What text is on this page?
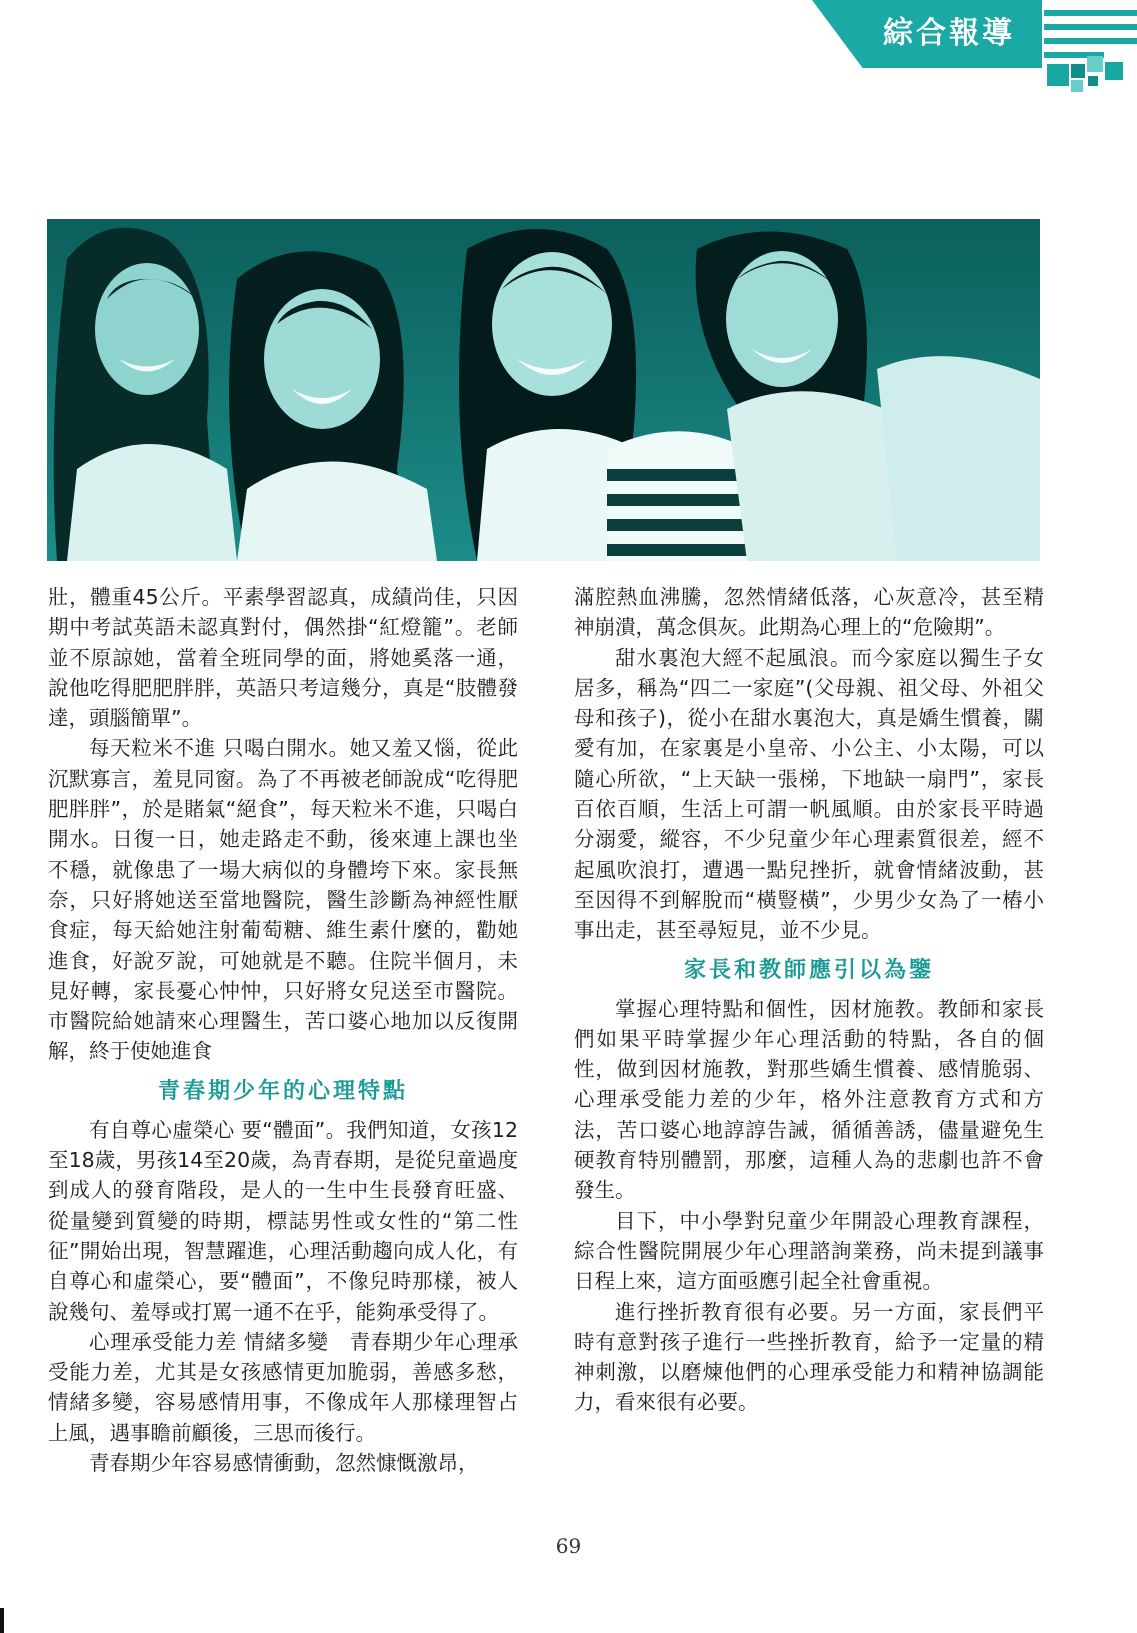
綜合報導

壯，體重45公斤。平素學習認真，成績尚佳，只因期中考試英語未認真對付，偶然掛“紅燈籠”。老師並不原諒她，當着全班同學的面，將她奚落一通，說他吃得肥肥胖胖，英語只考這幾分，真是“肢體發達，頭腦簡單”。

每天粒米不進 只喝白開水。她又羞又惱，從此沉默寡言，羞見同窗。為了不再被老師說成“吃得肥肥胖胖”，於是賭氣“絕食”，每天粒米不進，只喝白開水。日復一日，她走路走不動，後來連上課也坐不穩，就像患了一場大病似的身體垮下來。家長無奈，只好將她送至當地醫院，醫生診斷為神經性厭食症，每天給她注射葡萄糖、維生素什麼的，勸她進食，好說歹說，可她就是不聽。住院半個月，未見好轉，家長憂心忡忡，只好將女兒送至市醫院。市醫院給她請來心理醫生，苦口婆心地加以反復開解，終于使她進食

青春期少年的心理特點

有自尊心虛榮心 要“體面”。我們知道，女孩12至18歲，男孩14至20歲，為青春期，是從兒童過度到成人的發育階段，是人的一生中生長發育旺盛、從量變到質變的時期，標誌男性或女性的“第二性征”開始出現，智慧躍進，心理活動趨向成人化，有自尊心和虛榮心，要“體面”，不像兒時那樣，被人說幾句、羞辱或打罵一通不在乎，能夠承受得了。

心理承受能力差 情緒多變　青春期少年心理承受能力差，尤其是女孩感情更加脆弱，善感多愁，情緒多變，容易感情用事，不像成年人那樣理智占上風，遇事瞻前顧後，三思而後行。

青春期少年容易感情衝動，忽然慷慨激昂，

滿腔熱血沸騰，忽然情緒低落，心灰意冷，甚至精神崩潰，萬念俱灰。此期為心理上的“危險期”。

甜水裏泡大經不起風浪。而今家庭以獨生子女居多，稱為“四二一家庭”(父母親、祖父母、外祖父母和孩子)，從小在甜水裏泡大，真是嬌生慣養，關愛有加，在家裏是小皇帝、小公主、小太陽，可以隨心所欲，“上天缺一張梯，下地缺一扇門”，家長百依百順，生活上可謂一帆風順。由於家長平時過分溺愛，縱容，不少兒童少年心理素質很差，經不起風吹浪打，遭遇一點兒挫折，就會情緒波動，甚至因得不到解脫而“橫豎橫”，少男少女為了一樁小事出走，甚至尋短見，並不少見。

家長和教師應引以為鑒

掌握心理特點和個性，因材施教。教師和家長們如果平時掌握少年心理活動的特點，各自的個性，做到因材施教，對那些嬌生慣養、感情脆弱、心理承受能力差的少年，格外注意教育方式和方法，苦口婆心地諄諄告誡，循循善誘，儘量避免生硬教育特別體罰，那麼，這種人為的悲劇也許不會發生。

目下，中小學對兒童少年開設心理教育課程，綜合性醫院開展少年心理諮詢業務，尚未提到議事日程上來，這方面亟應引起全社會重視。

進行挫折教育很有必要。另一方面，家長們平時有意對孩子進行一些挫折教育，給予一定量的精神刺激，以磨煉他們的心理承受能力和精神協調能力，看來很有必要。

69
